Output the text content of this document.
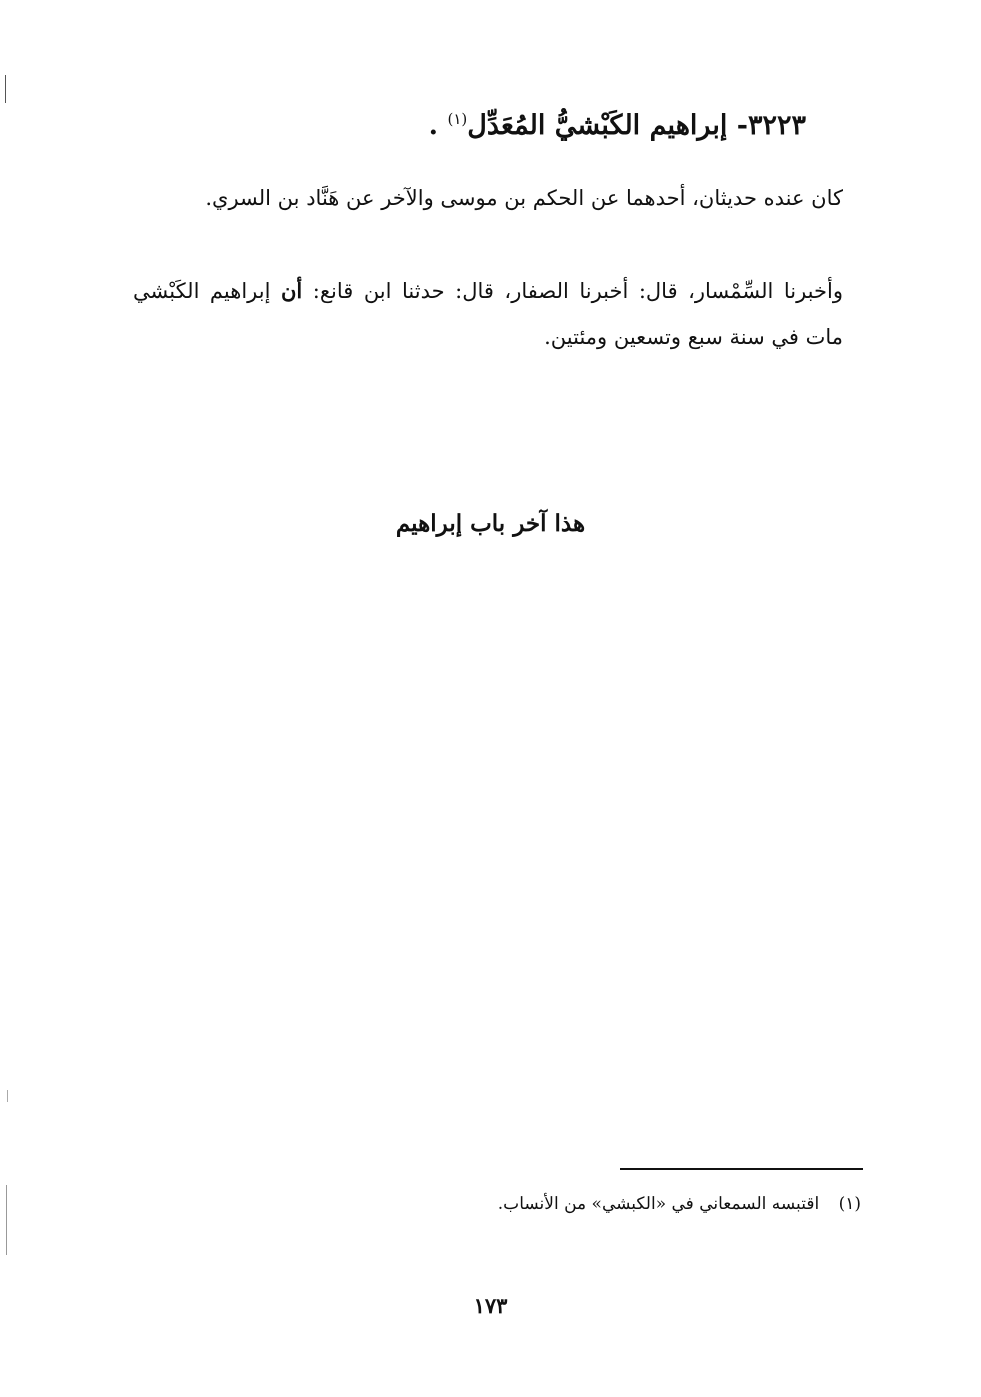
٣٢٢٣- إبراهيم الكَبْشيُّ المُعَدِّل$^{(١)}$ .
كان عنده حديثان، أحدهما عن الحكم بن موسى والآخر عن هَنَّاد بن السري.
وأخبرنا السِّمْسار، قال: أخبرنا الصفار، قال: حدثنا ابن قانع: أن إبراهيم الكَبْشي مات في سنة سبع وتسعين ومئتين.
هذا آخر باب إبراهيم
(١) اقتبسه السمعاني في «الكبشي» من الأنساب.
١٧٣
